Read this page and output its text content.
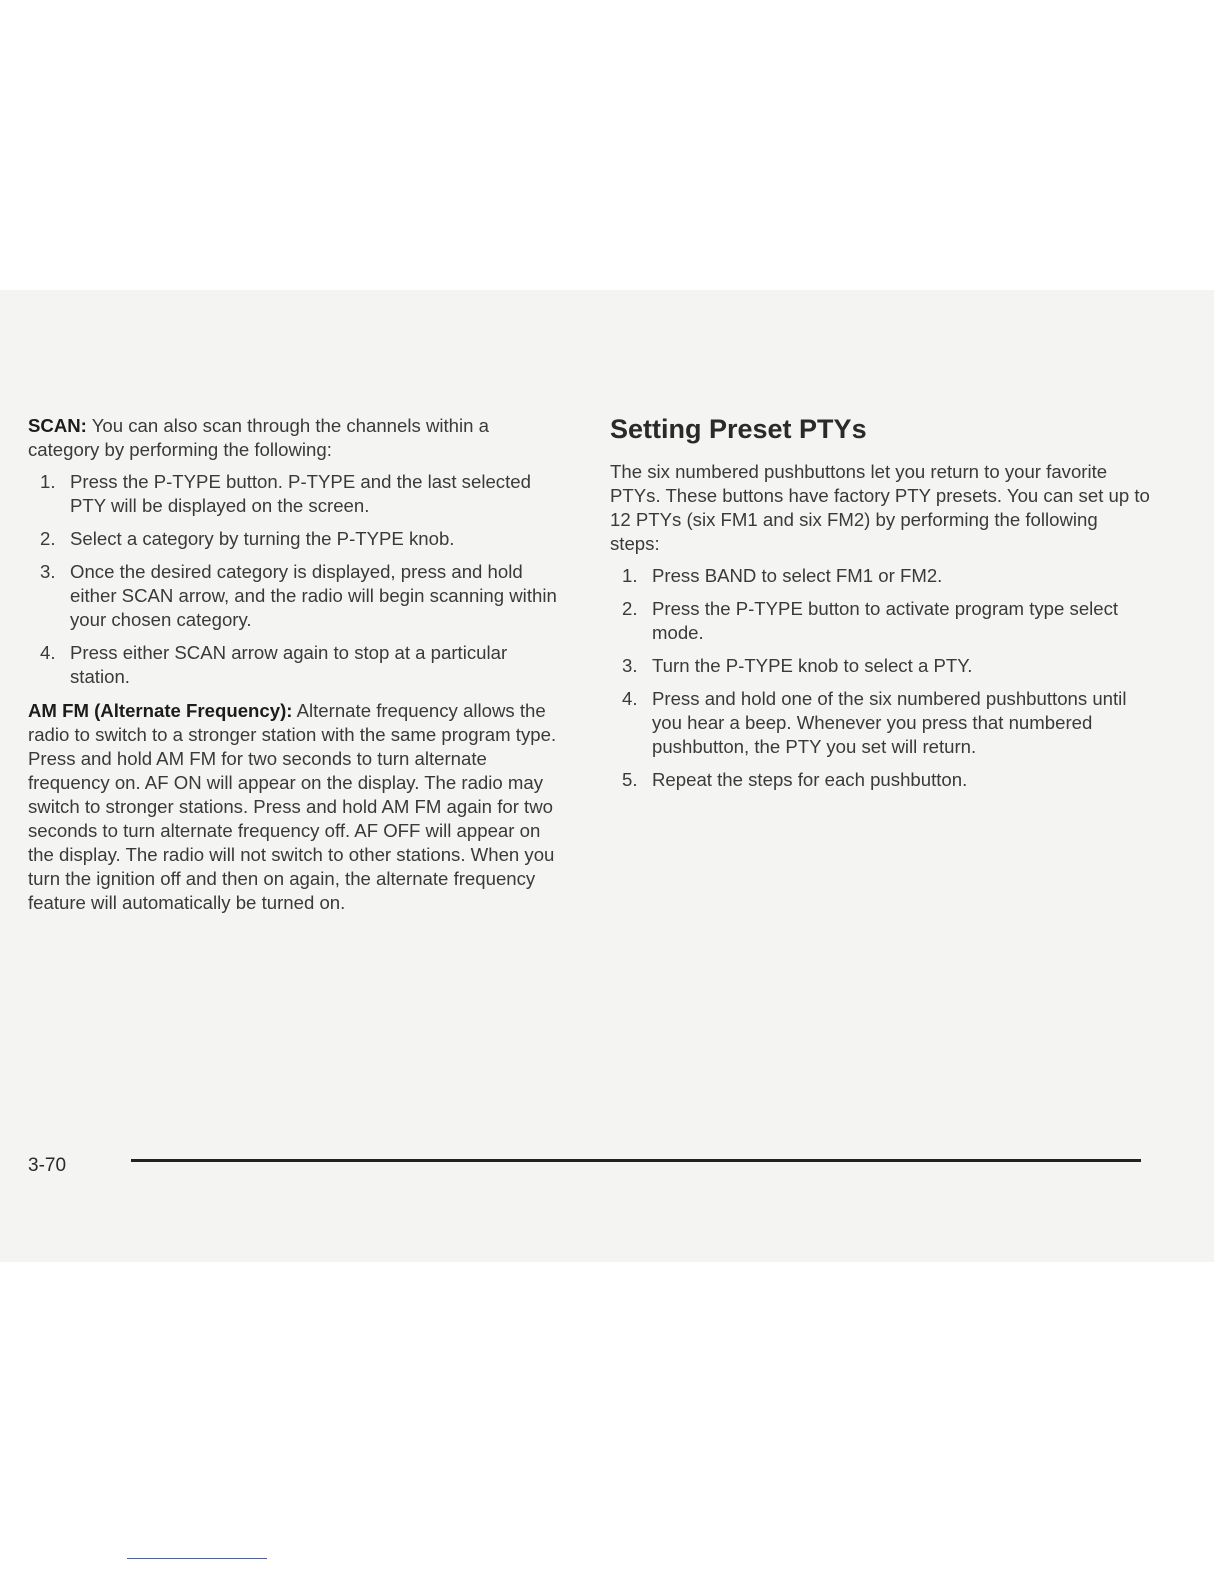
SCAN: You can also scan through the channels within a category by performing the following:

1. Press the P-TYPE button. P-TYPE and the last selected PTY will be displayed on the screen.
2. Select a category by turning the P-TYPE knob.
3. Once the desired category is displayed, press and hold either SCAN arrow, and the radio will begin scanning within your chosen category.
4. Press either SCAN arrow again to stop at a particular station.

AM FM (Alternate Frequency): Alternate frequency allows the radio to switch to a stronger station with the same program type. Press and hold AM FM for two seconds to turn alternate frequency on. AF ON will appear on the display. The radio may switch to stronger stations. Press and hold AM FM again for two seconds to turn alternate frequency off. AF OFF will appear on the display. The radio will not switch to other stations. When you turn the ignition off and then on again, the alternate frequency feature will automatically be turned on.

Setting Preset PTYs

The six numbered pushbuttons let you return to your favorite PTYs. These buttons have factory PTY presets. You can set up to 12 PTYs (six FM1 and six FM2) by performing the following steps:

1. Press BAND to select FM1 or FM2.
2. Press the P-TYPE button to activate program type select mode.
3. Turn the P-TYPE knob to select a PTY.
4. Press and hold one of the six numbered pushbuttons until you hear a beep. Whenever you press that numbered pushbutton, the PTY you set will return.
5. Repeat the steps for each pushbutton.
3-70
